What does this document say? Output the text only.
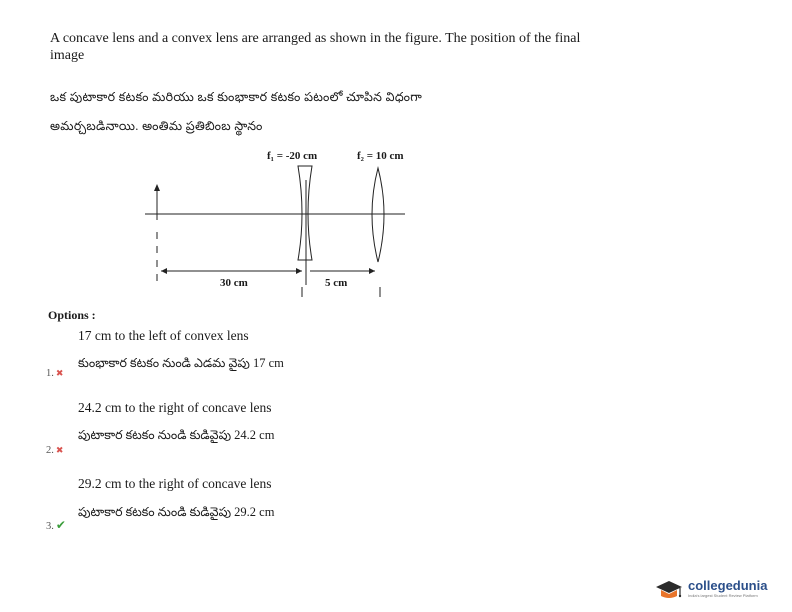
A concave lens and a convex lens are arranged as shown in the figure. The position of the final image
ఒక పుటాకార కటకం మరియు ఒక కుంభాకార కటకం పటంలో చూపిన విధంగా
అమర్చబడినాయి. అంతిమ ప్రతిబింబ స్థానం
f₁ = -20 cm	f₂ = 10 cm
30 cm	5 cm
Options :
17 cm to the left of convex lens
కుంభాకార కటకం నుండి ఎడమ వైపు 17 cm
1. ✖
24.2 cm to the right of concave lens
పుటాకార కటకం నుండి కుడివైపు 24.2 cm
2. ✖
29.2 cm to the right of concave lens
పుటాకార కటకం నుండి కుడివైపు 29.2 cm
3. ✔
collegedunia
India's largest Student Review Platform
